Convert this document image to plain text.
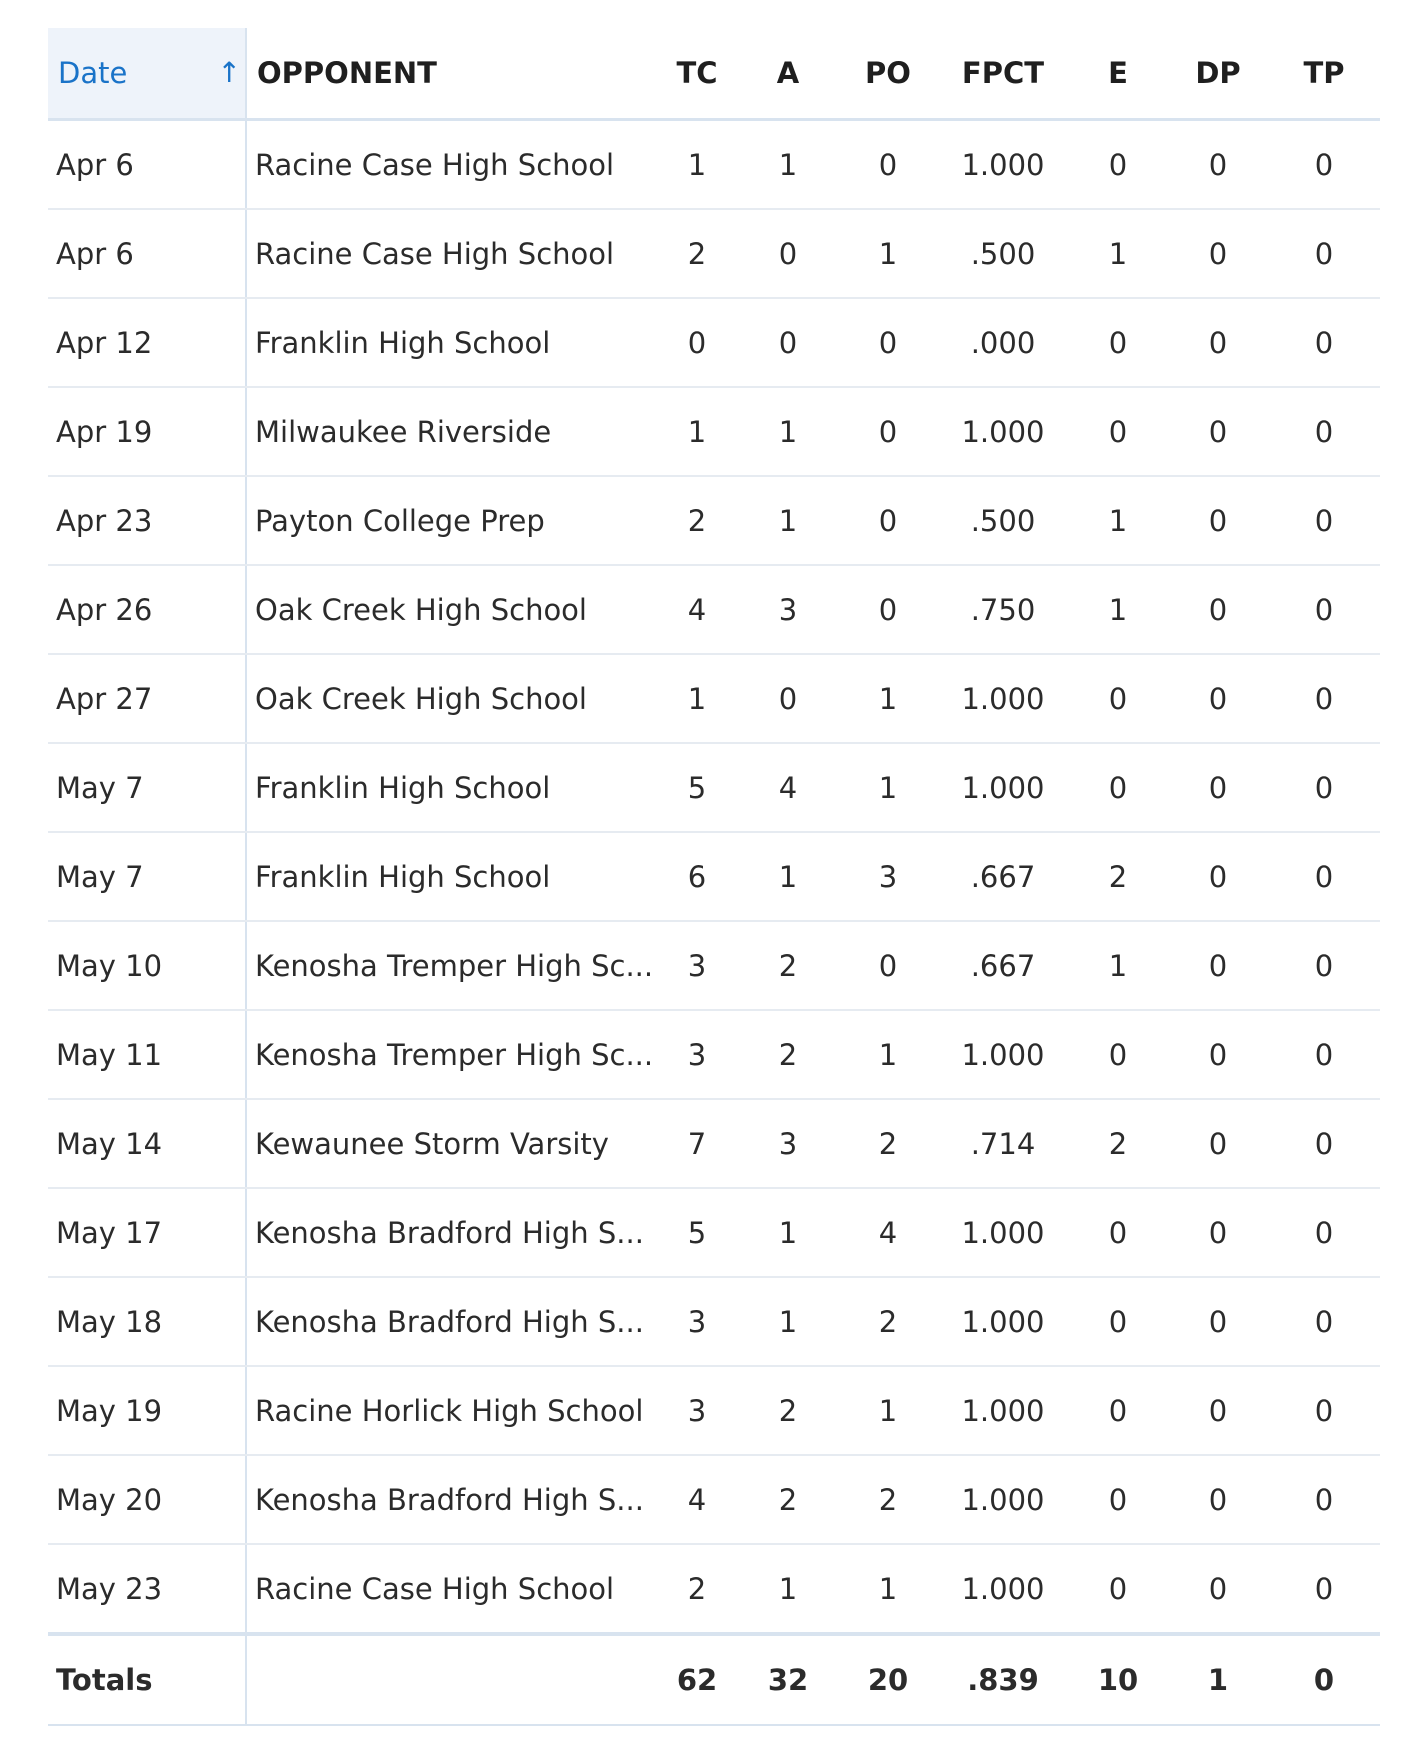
Date ↑	OPPONENT	TC	A	PO	FPCT	E	DP	TP
Apr 6	Racine Case High School	1	1	0	1.000	0	0	0
Apr 6	Racine Case High School	2	0	1	.500	1	0	0
Apr 12	Franklin High School	0	0	0	.000	0	0	0
Apr 19	Milwaukee Riverside	1	1	0	1.000	0	0	0
Apr 23	Payton College Prep	2	1	0	.500	1	0	0
Apr 26	Oak Creek High School	4	3	0	.750	1	0	0
Apr 27	Oak Creek High School	1	0	1	1.000	0	0	0
May 7	Franklin High School	5	4	1	1.000	0	0	0
May 7	Franklin High School	6	1	3	.667	2	0	0
May 10	Kenosha Tremper High Sc...	3	2	0	.667	1	0	0
May 11	Kenosha Tremper High Sc...	3	2	1	1.000	0	0	0
May 14	Kewaunee Storm Varsity	7	3	2	.714	2	0	0
May 17	Kenosha Bradford High S...	5	1	4	1.000	0	0	0
May 18	Kenosha Bradford High S...	3	1	2	1.000	0	0	0
May 19	Racine Horlick High School	3	2	1	1.000	0	0	0
May 20	Kenosha Bradford High S...	4	2	2	1.000	0	0	0
May 23	Racine Case High School	2	1	1	1.000	0	0	0
Totals		62	32	20	.839	10	1	0
